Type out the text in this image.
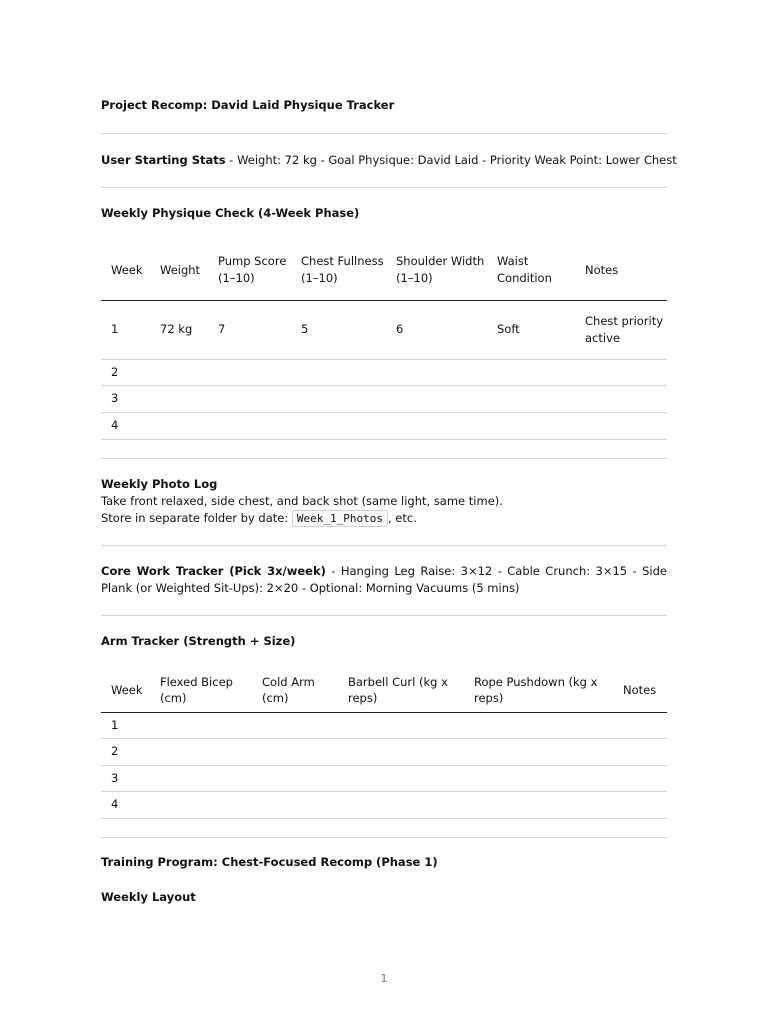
Project Recomp: David Laid Physique Tracker
User Starting Stats - Weight: 72 kg - Goal Physique: David Laid - Priority Weak Point: Lower Chest
Weekly Physique Check (4-Week Phase)
Week	Weight	Pump Score (1–10)	Chest Fullness (1–10)	Shoulder Width (1–10)	Waist Condition	Notes
1	72 kg	7	5	6	Soft	Chest priority active
2						
3						
4						
Weekly Photo Log
Take front relaxed, side chest, and back shot (same light, same time).
Store in separate folder by date: Week_1_Photos , etc.
Core Work Tracker (Pick 3x/week) - Hanging Leg Raise: 3×12 - Cable Crunch: 3×15 - Side Plank (or Weighted Sit-Ups): 2×20 - Optional: Morning Vacuums (5 mins)
Arm Tracker (Strength + Size)
Week	Flexed Bicep (cm)	Cold Arm (cm)	Barbell Curl (kg x reps)	Rope Pushdown (kg x reps)	Notes
1					
2					
3					
4					
Training Program: Chest-Focused Recomp (Phase 1)
Weekly Layout
1
